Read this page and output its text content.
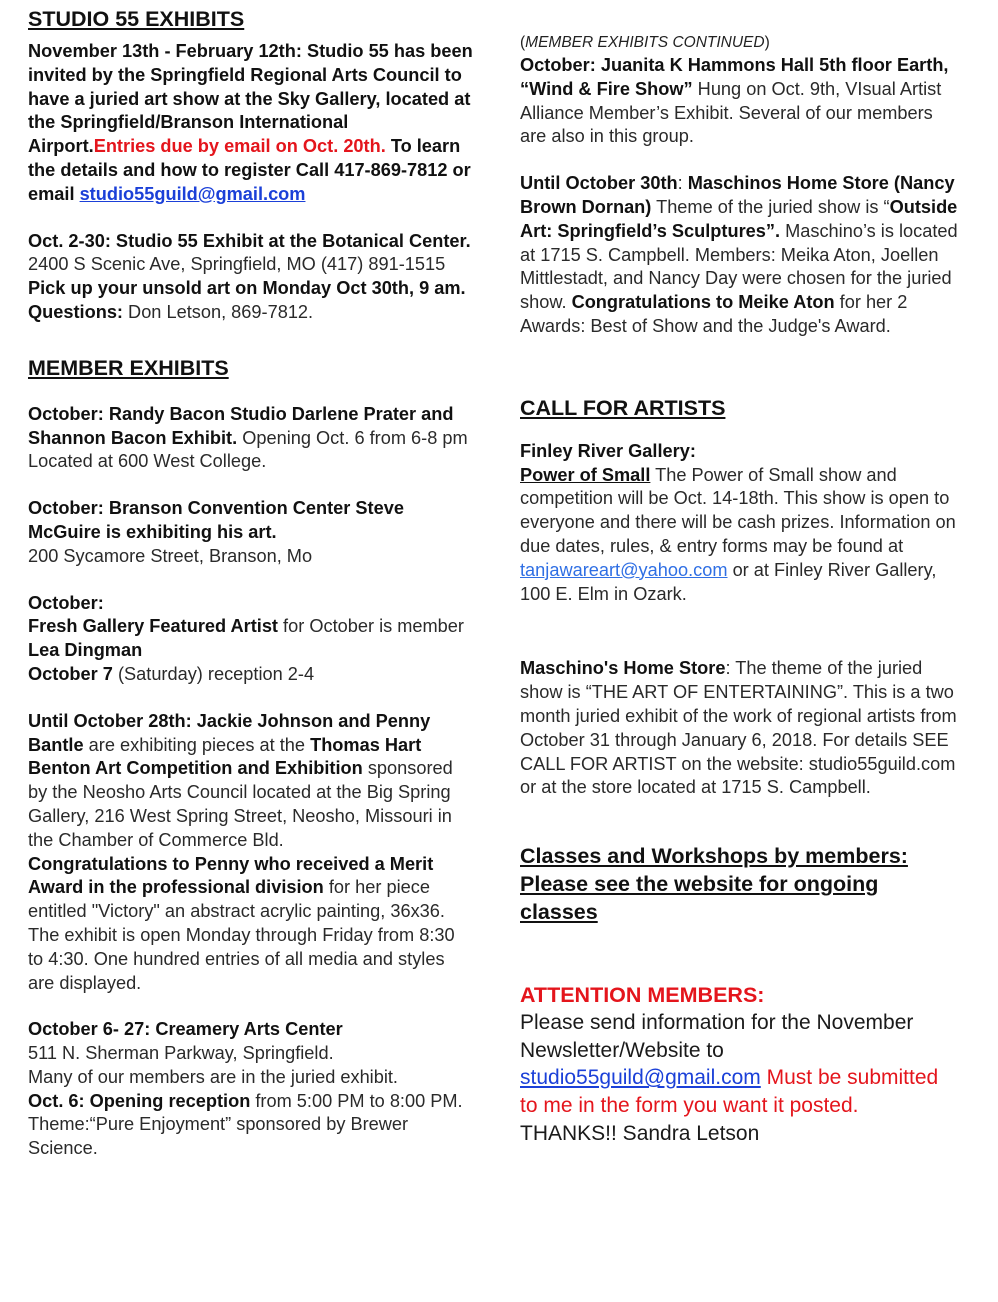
STUDIO 55 EXHIBITS

November 13th - February 12th: Studio 55 has been invited by the Springfield Regional Arts Council to have a juried art show at the Sky Gallery, located at the Springfield/Branson International Airport.Entries due by email on Oct. 20th. To learn the details and how to register Call 417-869-7812 or email studio55guild@gmail.com

Oct. 2-30: Studio 55 Exhibit at the Botanical Center. 2400 S Scenic Ave, Springfield, MO (417) 891-1515

Pick up your unsold art on Monday Oct 30th, 9 am. Questions: Don Letson, 869-7812.

MEMBER EXHIBITS

October: Randy Bacon Studio Darlene Prater and Shannon Bacon Exhibit. Opening Oct. 6 from 6-8 pm

Located at 600 West College.

October: Branson Convention Center Steve McGuire is exhibiting his art.

200 Sycamore Street, Branson, Mo

October:

Fresh Gallery Featured Artist for October is member Lea Dingman

October 7 (Saturday) reception 2-4

Until October 28th: Jackie Johnson and Penny Bantle are exhibiting pieces at the Thomas Hart Benton Art Competition and Exhibition sponsored by the Neosho Arts Council located at the Big Spring Gallery, 216 West Spring Street, Neosho, Missouri in the Chamber of Commerce Bld.

Congratulations to Penny who received a Merit Award in the professional division for her piece entitled "Victory" an abstract acrylic painting, 36x36. The exhibit is open Monday through Friday from 8:30 to 4:30. One hundred entries of all media and styles are displayed.

October 6- 27: Creamery Arts Center

511 N. Sherman Parkway, Springfield.

Many of our members are in the juried exhibit.

Oct. 6: Opening reception from 5:00 PM to 8:00 PM. Theme:“Pure Enjoyment” sponsored by Brewer Science.

(MEMBER EXHIBITS CONTINUED)

October: Juanita K Hammons Hall 5th floor Earth, “Wind & Fire Show” Hung on Oct. 9th, VIsual Artist Alliance Member’s Exhibit. Several of our members are also in this group.

Until October 30th: Maschinos Home Store (Nancy Brown Dornan) Theme of the juried show is “Outside Art: Springfield’s Sculptures”. Maschino’s is located at 1715 S. Campbell. Members: Meika Aton, Joellen Mittlestadt, and Nancy Day were chosen for the juried show. Congratulations to Meike Aton for her 2 Awards: Best of Show and the Judge's Award.

CALL FOR ARTISTS

Finley River Gallery:

Power of Small The Power of Small show and competition will be Oct. 14-18th. This show is open to everyone and there will be cash prizes. Information on due dates, rules, & entry forms may be found at tanjawareart@yahoo.com or at Finley River Gallery, 100 E. Elm in Ozark.

Maschino's Home Store: The theme of the juried show is “THE ART OF ENTERTAINING”. This is a two month juried exhibit of the work of regional artists from October 31 through January 6, 2018. For details SEE CALL FOR ARTIST on the website: studio55guild.com or at the store located at 1715 S. Campbell.

Classes and Workshops by members: Please see the website for ongoing classes
ATTENTION MEMBERS:
Please send information for the November Newsletter/Website to studio55guild@gmail.com Must be submitted to me in the form you want it posted.
THANKS!! Sandra Letson
